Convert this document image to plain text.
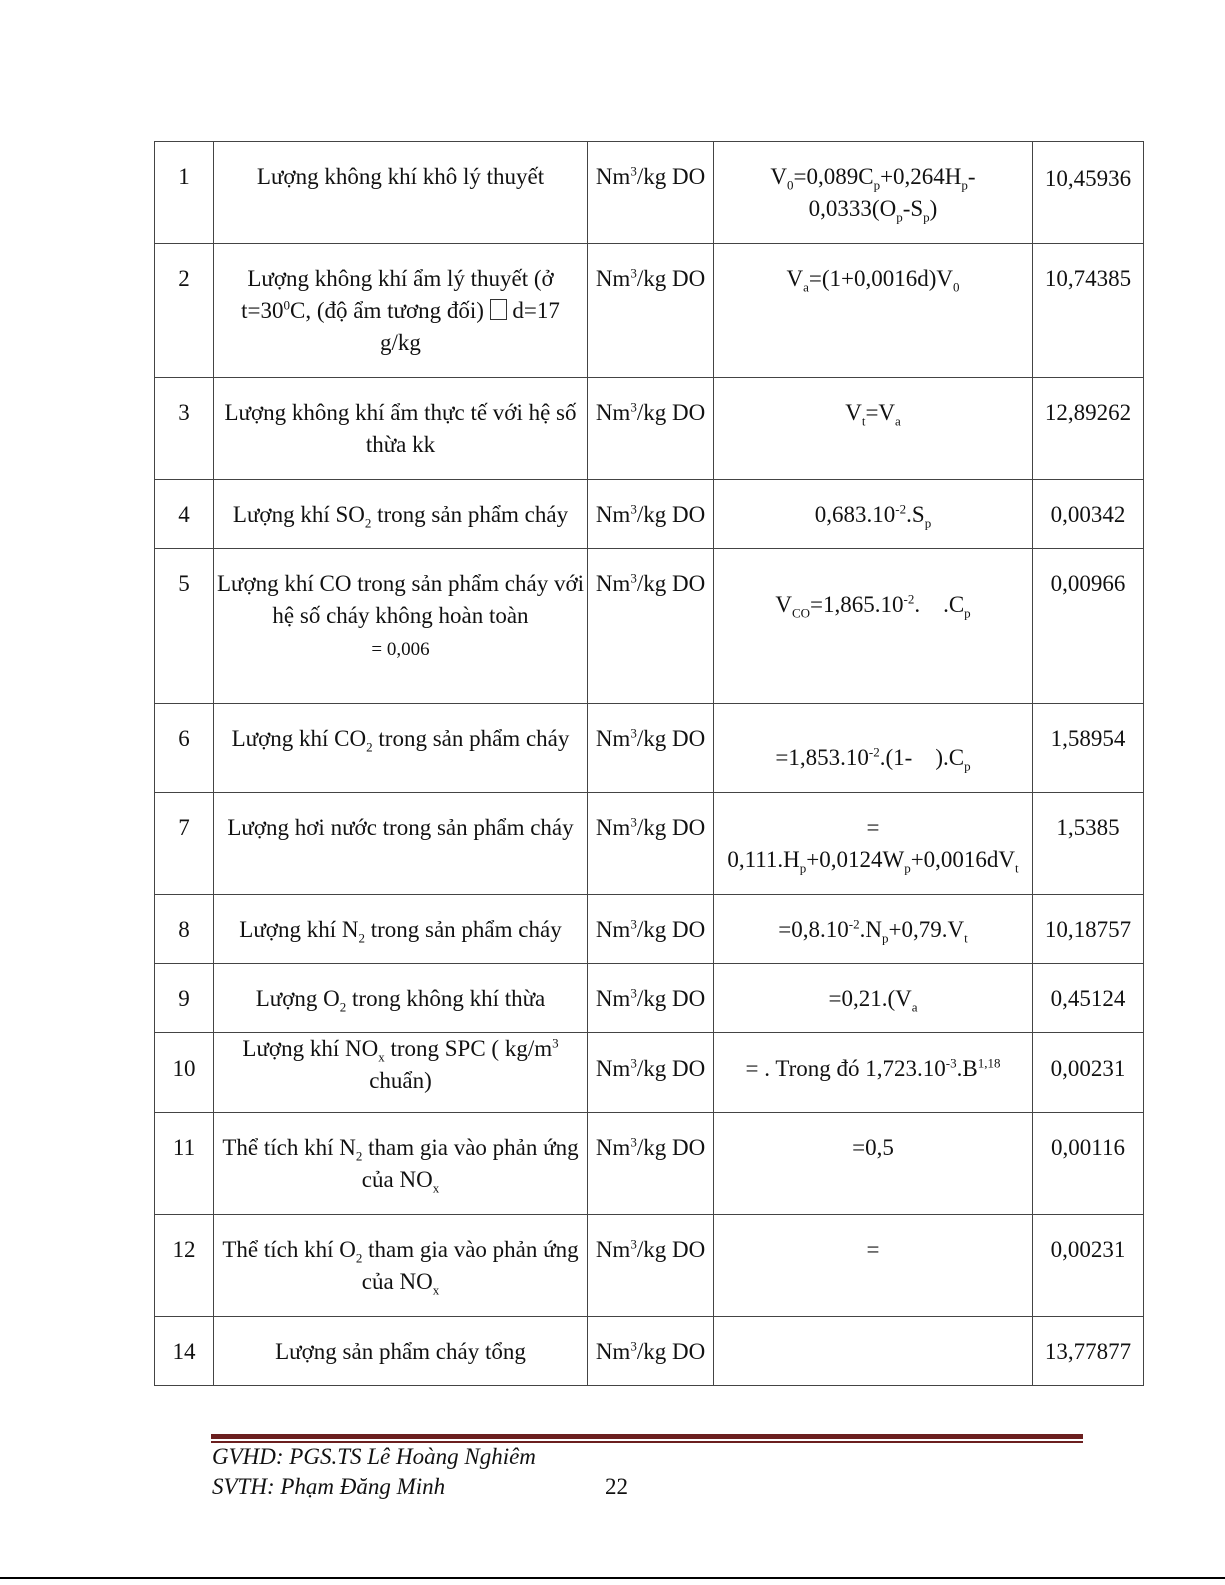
1	Lượng không khí khô lý thuyết	Nm$^3$/kg DO	$V_0=0,089C_p+0,264H_p-$
$0,0333(O_p-S_p)$	10,45936

2	Lượng không khí ẩm lý thuyết (ở
$t=30^0C$, (độ ẩm tương đối)  d=17
g/kg	Nm$^3$/kg DO	$V_a=(1+0,0016d)V_0$	10,74385

3	Lượng không khí ẩm thực tế với hệ số thừa kk	Nm$^3$/kg DO	$V_t=V_a$	12,89262

4	Lượng khí $SO_2$ trong sản phẩm cháy	Nm$^3$/kg DO	$0,683.10^{-2}.S_p$	0,00342

5	Lượng khí CO trong sản phẩm cháy với hệ số cháy không hoàn toàn
= 0,006	Nm$^3$/kg DO	$V_{CO}=1,865.10^{-2}$.    $.C_p$	0,00966

6	Lượng khí $CO_2$ trong sản phẩm cháy	Nm$^3$/kg DO	$=1,853.10^{-2}.(1-$    )$.C_p$	1,58954

7	Lượng hơi nước trong sản phẩm cháy	Nm$^3$/kg DO	=
$0,111.H_p+0,0124W_p+0,0016dV_t$	1,5385

8	Lượng khí $N_2$ trong sản phẩm cháy	Nm$^3$/kg DO	$=0,8.10^{-2}.N_p+0,79.V_t$	10,18757

9	Lượng $O_2$ trong không khí thừa	Nm$^3$/kg DO	$=0,21.(V_a$	0,45124

10	Lượng khí $NO_x$ trong SPC ( $kg/m^3$
chuẩn)	Nm$^3$/kg DO	= . Trong đó $1,723.10^{-3}.B^{1,18}$	0,00231

11	Thể tích khí $N_2$ tham gia vào phản ứng của $NO_x$	Nm$^3$/kg DO	=0,5	0,00116

12	Thể tích khí $O_2$ tham gia vào phản ứng của $NO_x$	Nm$^3$/kg DO	=	0,00231

14	Lượng sản phẩm cháy tổng	Nm$^3$/kg DO		13,77877
GVHD: PGS.TS Lê Hoàng Nghiêm
SVTH: Phạm Đăng Minh	22
